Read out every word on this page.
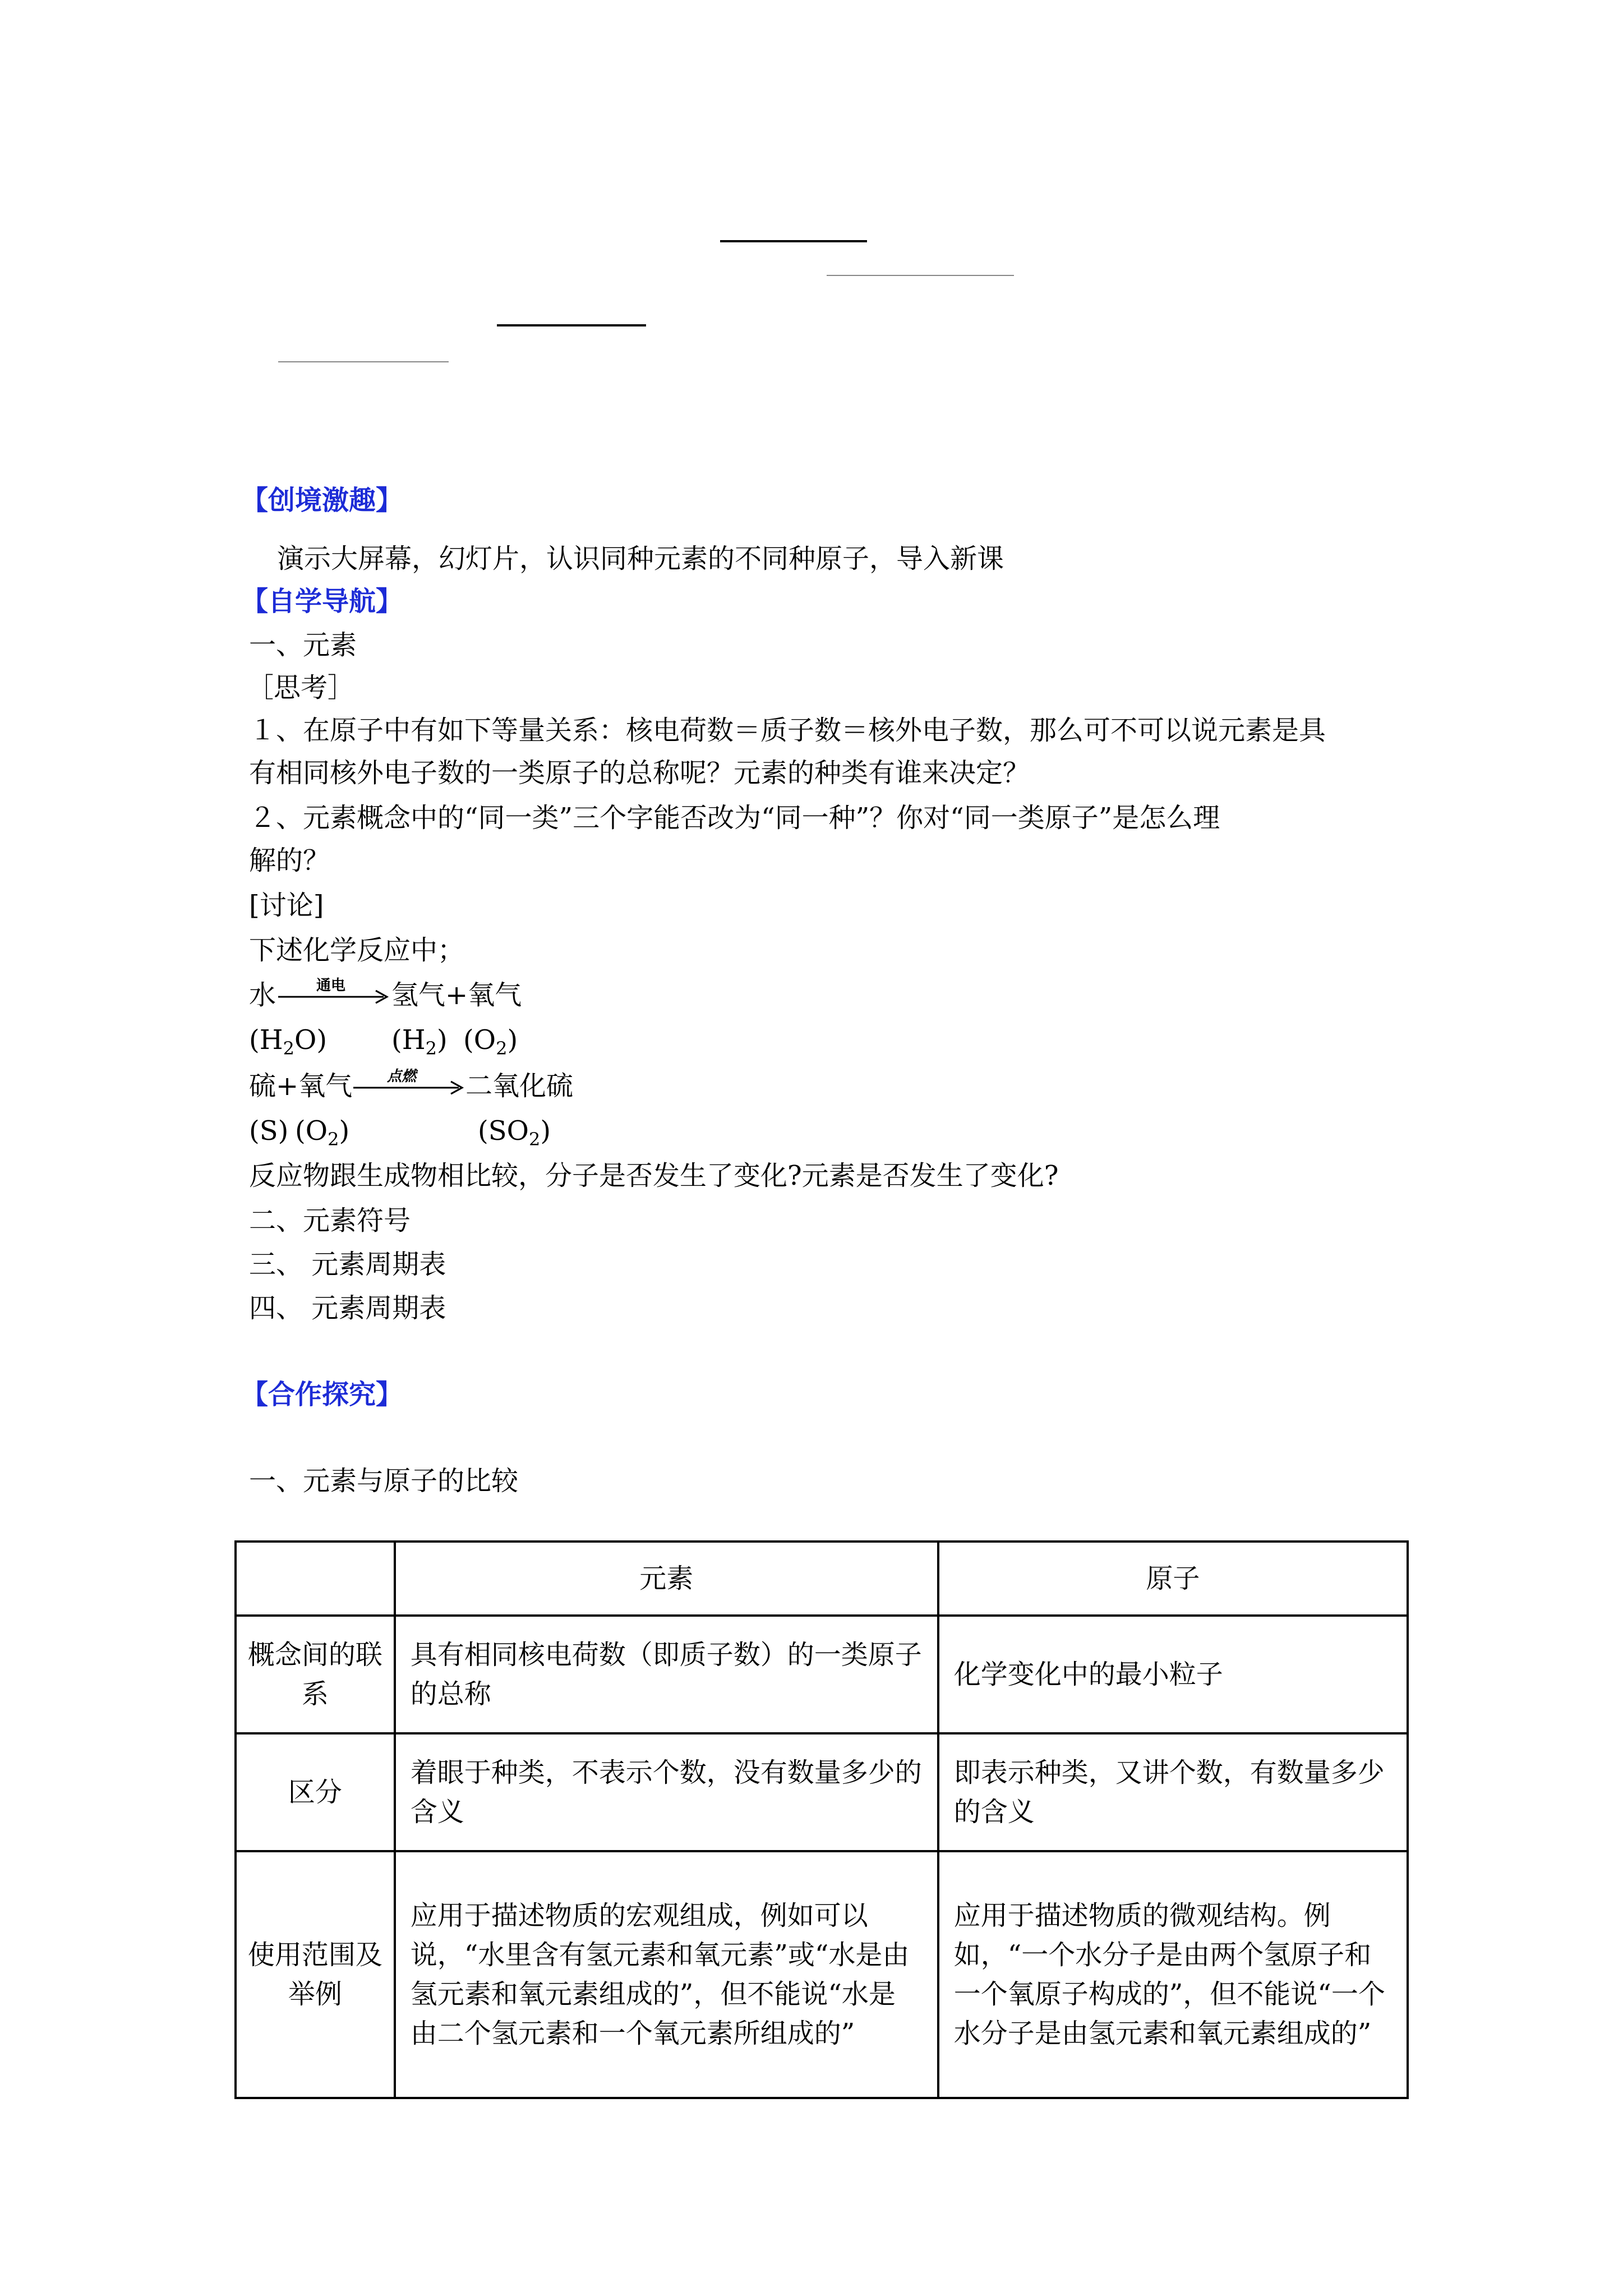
【创境激趣】
演示大屏幕，幻灯片，认识同种元素的不同种原子，导入新课
【自学导航】
一、元素
［思考］
１、在原子中有如下等量关系：核电荷数＝质子数＝核外电子数，那么可不可以说元素是具
有相同核外电子数的一类原子的总称呢？元素的种类有谁来决定？
２、元素概念中的“同一类”三个字能否改为“同一种”？你对“同一类原子”是怎么理
解的？
[讨论]
下述化学反应中；
水	通电 氢气+氧气
$(H_2O)$ $(H_2)$ $(O_2)$
硫+氧气 点燃 二氧化硫
(S) $(O_2)$	$(SO_2)$
反应物跟生成物相比较，分子是否发生了变化?元素是否发生了变化?
二、元素符号
三、 元素周期表
四、 元素周期表
【合作探究】
一、元素与原子的比较
	元素	原子
概念间的联系	具有相同核电荷数（即质子数）的一类原子的总称	化学变化中的最小粒子
区分	着眼于种类，不表示个数，没有数量多少的含义	即表示种类，又讲个数，有数量多少的含义
使用范围及举例	应用于描述物质的宏观组成，例如可以说，“水里含有氢元素和氧元素”或“水是由氢元素和氧元素组成的”，但不能说“水是由二个氢元素和一个氧元素所组成的”	应用于描述物质的微观结构。例如，“一个水分子是由两个氢原子和一个氧原子构成的”，但不能说“一个水分子是由氢元素和氧元素组成的”
